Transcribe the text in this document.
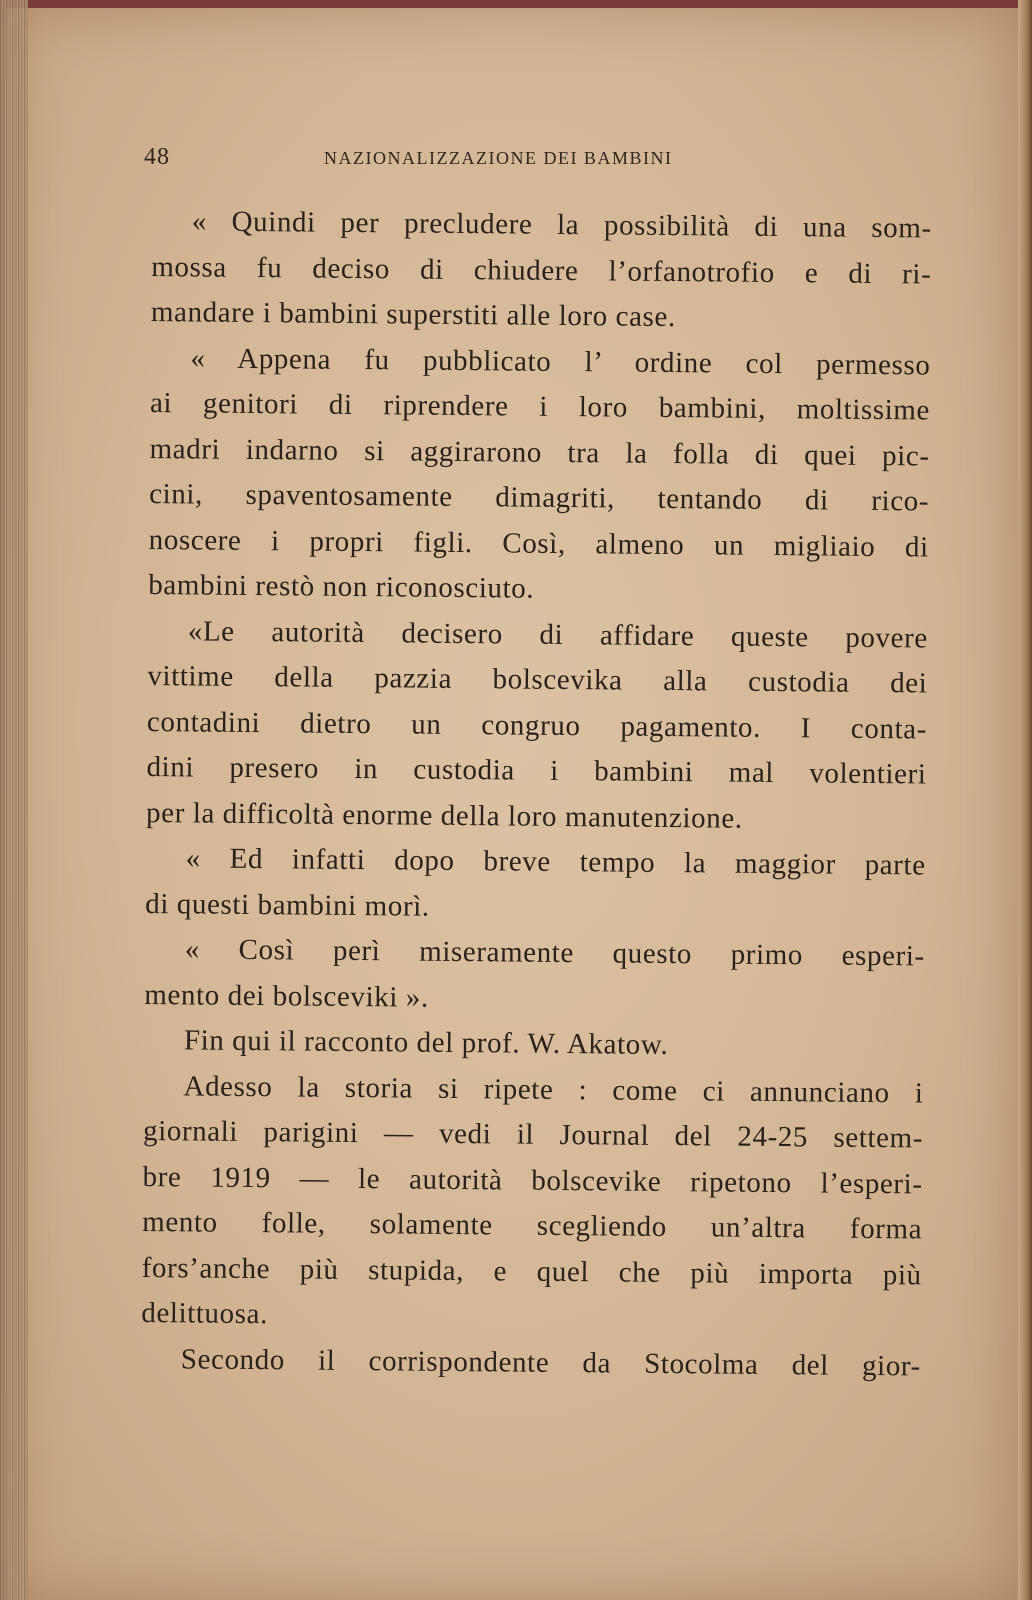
48	NAZIONALIZZAZIONE DEI BAMBINI
« Quindi per precludere la possibilità di una som-
mossa fu deciso di chiudere l’orfanotrofio e di ri-
mandare i bambini superstiti alle loro case.
« Appena fu pubblicato l’ ordine col permesso
ai genitori di riprendere i loro bambini, moltissime
madri indarno si aggirarono tra la folla di quei pic-
cini, spaventosamente dimagriti, tentando di rico-
noscere i propri figli. Così, almeno un migliaio di
bambini restò non riconosciuto.
«Le autorità decisero di affidare queste povere
vittime della pazzia bolscevika alla custodia dei
contadini dietro un congruo pagamento. I conta-
dini presero in custodia i bambini mal volentieri
per la difficoltà enorme della loro manutenzione.
« Ed infatti dopo breve tempo la maggior parte
di questi bambini morì.
« Così perì miseramente questo primo esperi-
mento dei bolsceviki ».
Fin qui il racconto del prof. W. Akatow.
Adesso la storia si ripete : come ci annunciano i
giornali parigini — vedi il Journal del 24-25 settem-
bre 1919 — le autorità bolscevike ripetono l’esperi-
mento folle, solamente scegliendo un’altra forma
fors’anche più stupida, e quel che più importa più
delittuosa.
Secondo il corrispondente da Stocolma del gior-
